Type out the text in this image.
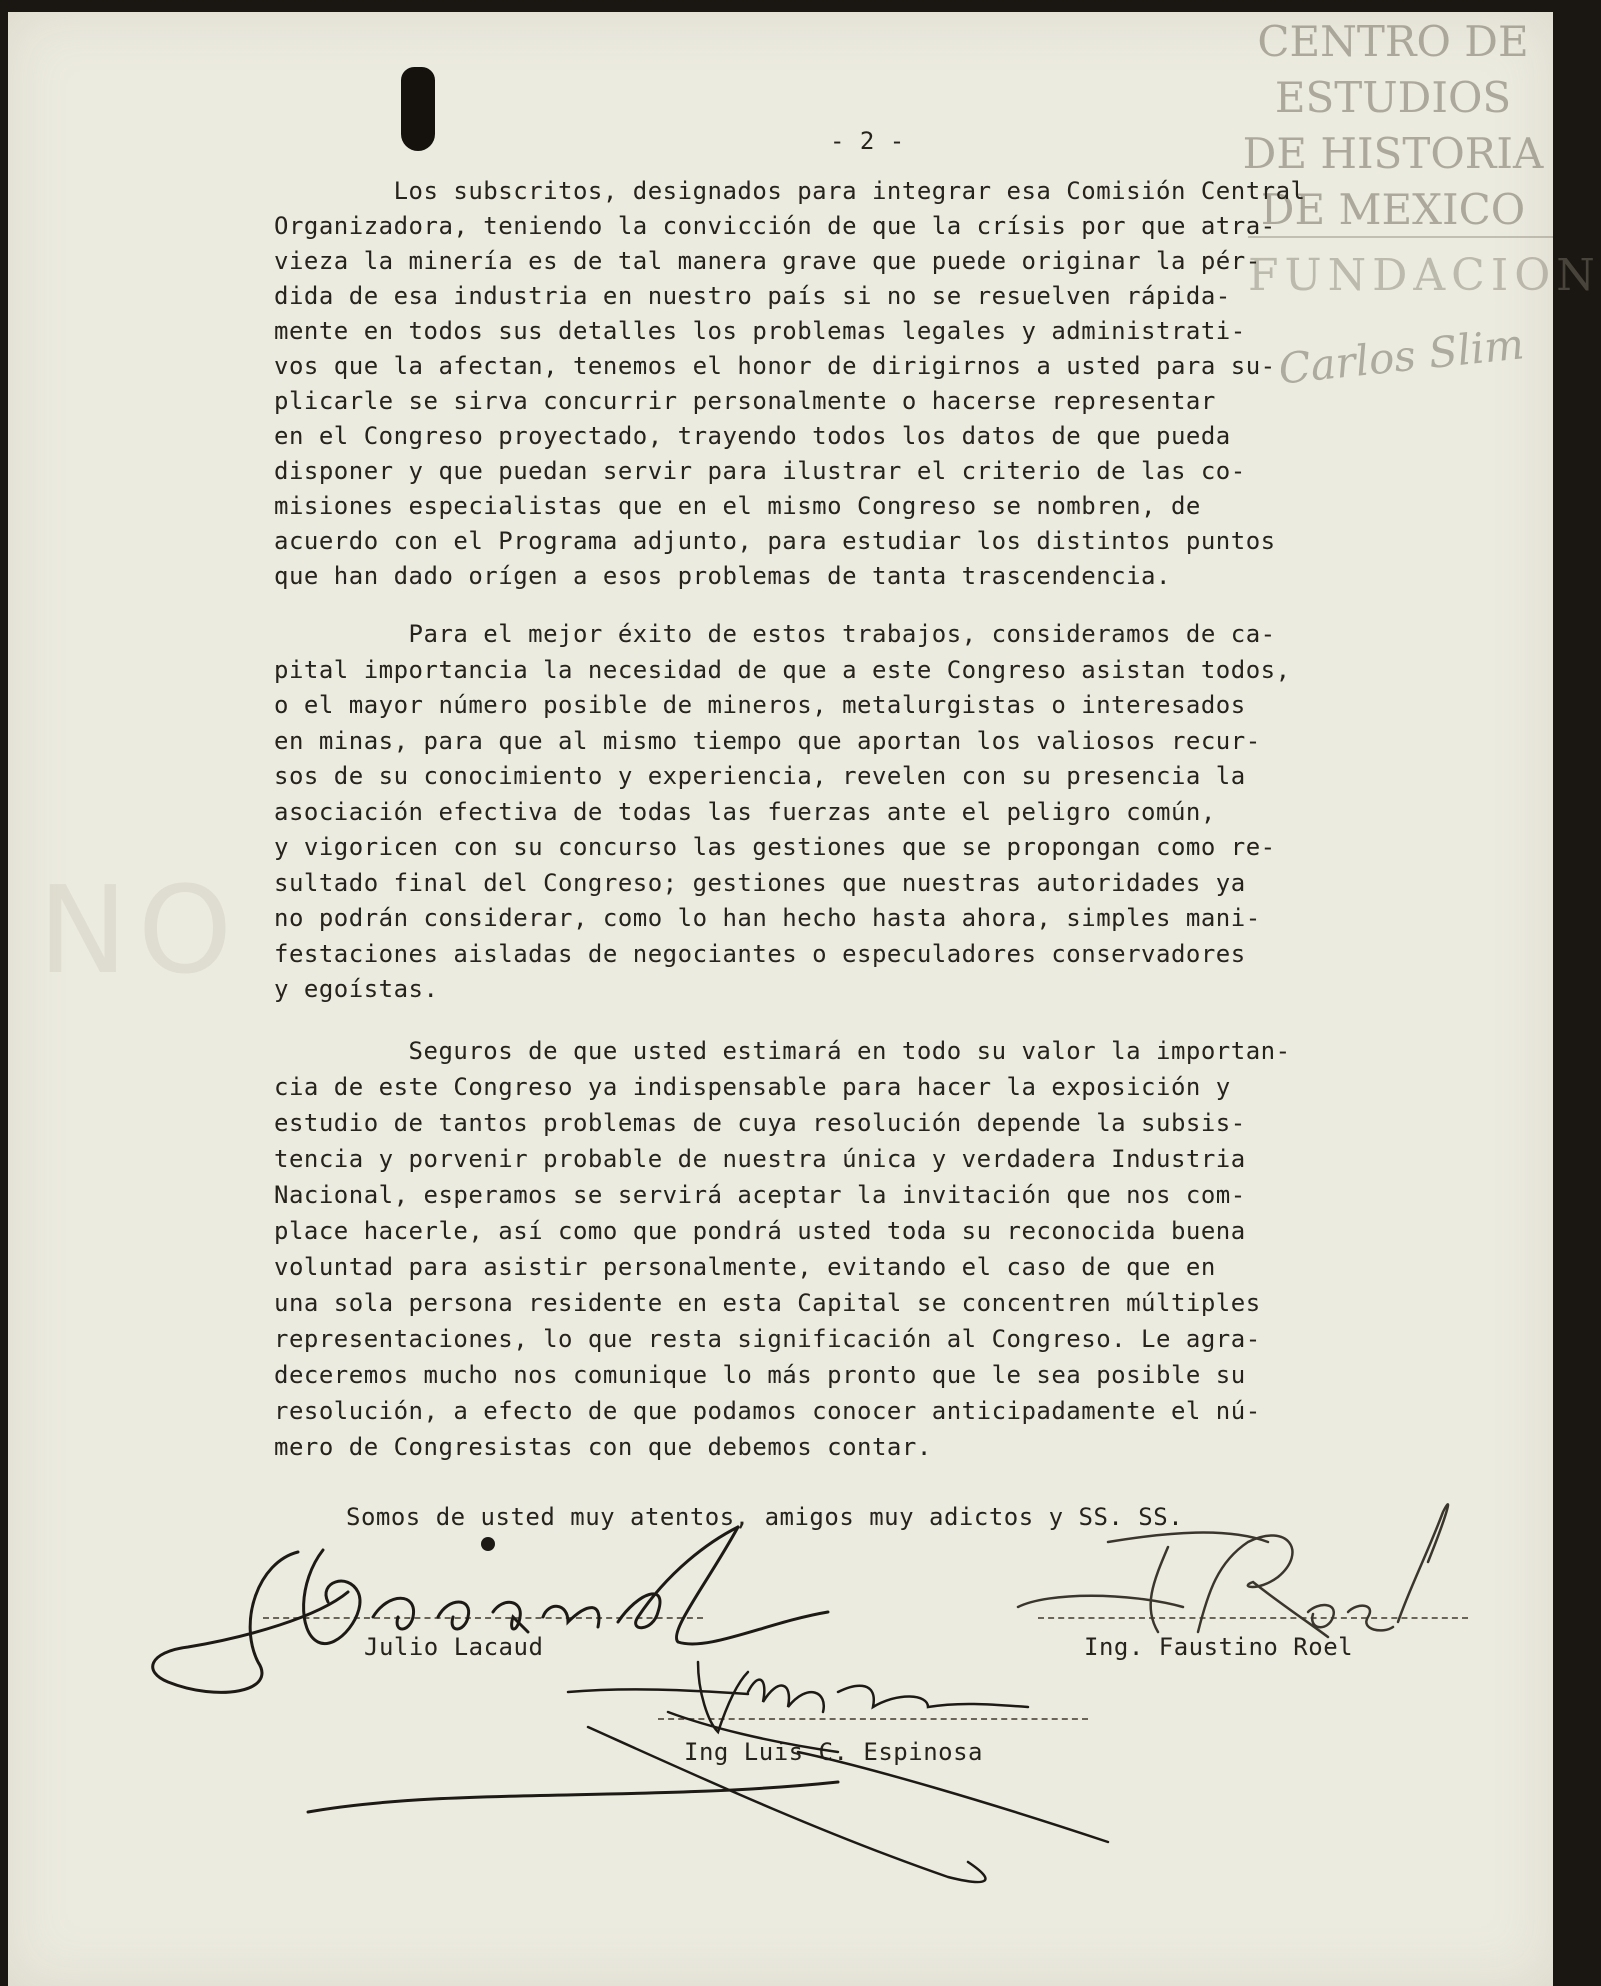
NO
CENTRO DE
ESTUDIOS
DE HISTORIA
DE MEXICO
FUNDACION
Carlos Slim
- 2 -
Los subscritos, designados para integrar esa Comisión Central
Organizadora, teniendo la convicción de que la crísis por que atra-
vieza la minería es de tal manera grave que puede originar la pér-
dida de esa industria en nuestro país si no se resuelven rápida-
mente en todos sus detalles los problemas legales y administrati-
vos que la afectan, tenemos el honor de dirigirnos a usted para su-
plicarle se sirva concurrir personalmente o hacerse representar
en el Congreso proyectado, trayendo todos los datos de que pueda
disponer y que puedan servir para ilustrar el criterio de las co-
misiones especialistas que en el mismo Congreso se nombren, de
acuerdo con el Programa adjunto, para estudiar los distintos puntos
que han dado orígen a esos problemas de tanta trascendencia.
Para el mejor éxito de estos trabajos, consideramos de ca-
pital importancia la necesidad de que a este Congreso asistan todos,
o el mayor número posible de mineros, metalurgistas o interesados
en minas, para que al mismo tiempo que aportan los valiosos recur-
sos de su conocimiento y experiencia, revelen con su presencia la
asociación efectiva de todas las fuerzas ante el peligro común,
y vigoricen con su concurso las gestiones que se propongan como re-
sultado final del Congreso; gestiones que nuestras autoridades ya
no podrán considerar, como lo han hecho hasta ahora, simples mani-
festaciones aisladas de negociantes o especuladores conservadores
y egoístas.
Seguros de que usted estimará en todo su valor la importan-
cia de este Congreso ya indispensable para hacer la exposición y
estudio de tantos problemas de cuya resolución depende la subsis-
tencia y porvenir probable de nuestra única y verdadera Industria
Nacional, esperamos se servirá aceptar la invitación que nos com-
place hacerle, así como que pondrá usted toda su reconocida buena
voluntad para asistir personalmente, evitando el caso de que en
una sola persona residente en esta Capital se concentren múltiples
representaciones, lo que resta significación al Congreso. Le agra-
deceremos mucho nos comunique lo más pronto que le sea posible su
resolución, a efecto de que podamos conocer anticipadamente el nú-
mero de Congresistas con que debemos contar.
Somos de usted muy atentos, amigos muy adictos y SS. SS.
Julio Lacaud	Ing. Faustino Roel
Ing Luis C. Espinosa
